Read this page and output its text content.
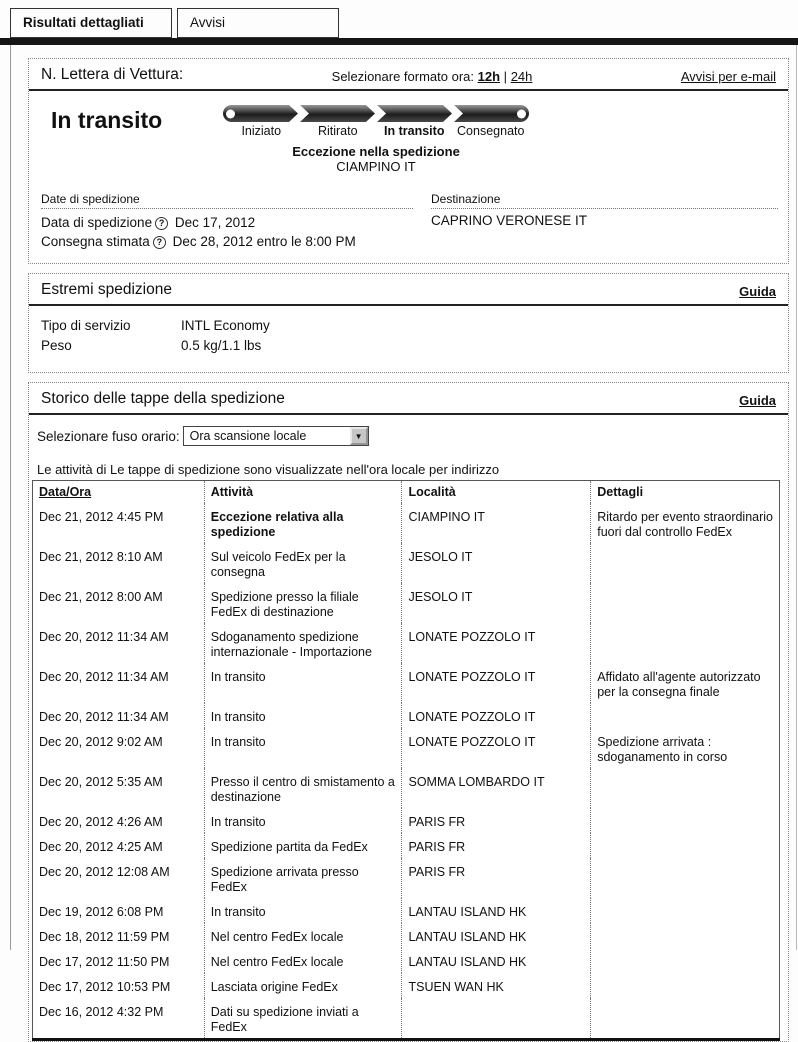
Risultati dettagliati	Avvisi
N. Lettera di Vettura:	Selezionare formato ora: 12h | 24h	Avvisi per e-mail
In transito	Iniziato	Ritirato	In transito	Consegnato
Eccezione nella spedizione
CIAMPINO IT
Date di spedizione
Data di spedizione ? Dec 17, 2012
Consegna stimata ? Dec 28, 2012 entro le 8:00 PM
Destinazione
CAPRINO VERONESE IT
Estremi spedizione	Guida
Tipo di servizio	INTL Economy
Peso	0.5 kg/1.1 lbs
Storico delle tappe della spedizione	Guida
Selezionare fuso orario: Ora scansione locale	▼
Le attività di Le tappe di spedizione sono visualizzate nell'ora locale per indirizzo
Data/Ora	Attività	Località	Dettagli
Dec 21, 2012 4:45 PM	Eccezione relativa alla spedizione	CIAMPINO IT	Ritardo per evento straordinario fuori dal controllo FedEx
Dec 21, 2012 8:10 AM	Sul veicolo FedEx per la consegna	JESOLO IT	
Dec 21, 2012 8:00 AM	Spedizione presso la filiale FedEx di destinazione	JESOLO IT	
Dec 20, 2012 11:34 AM	Sdoganamento spedizione internazionale - Importazione	LONATE POZZOLO IT	
Dec 20, 2012 11:34 AM	In transito	LONATE POZZOLO IT	Affidato all'agente autorizzato per la consegna finale
Dec 20, 2012 11:34 AM	In transito	LONATE POZZOLO IT	
Dec 20, 2012 9:02 AM	In transito	LONATE POZZOLO IT	Spedizione arrivata : sdoganamento in corso
Dec 20, 2012 5:35 AM	Presso il centro di smistamento a destinazione	SOMMA LOMBARDO IT	
Dec 20, 2012 4:26 AM	In transito	PARIS FR	
Dec 20, 2012 4:25 AM	Spedizione partita da FedEx	PARIS FR	
Dec 20, 2012 12:08 AM	Spedizione arrivata presso FedEx	PARIS FR	
Dec 19, 2012 6:08 PM	In transito	LANTAU ISLAND HK	
Dec 18, 2012 11:59 PM	Nel centro FedEx locale	LANTAU ISLAND HK	
Dec 17, 2012 11:50 PM	Nel centro FedEx locale	LANTAU ISLAND HK	
Dec 17, 2012 10:53 PM	Lasciata origine FedEx	TSUEN WAN HK	
Dec 16, 2012 4:32 PM	Dati su spedizione inviati a FedEx		
